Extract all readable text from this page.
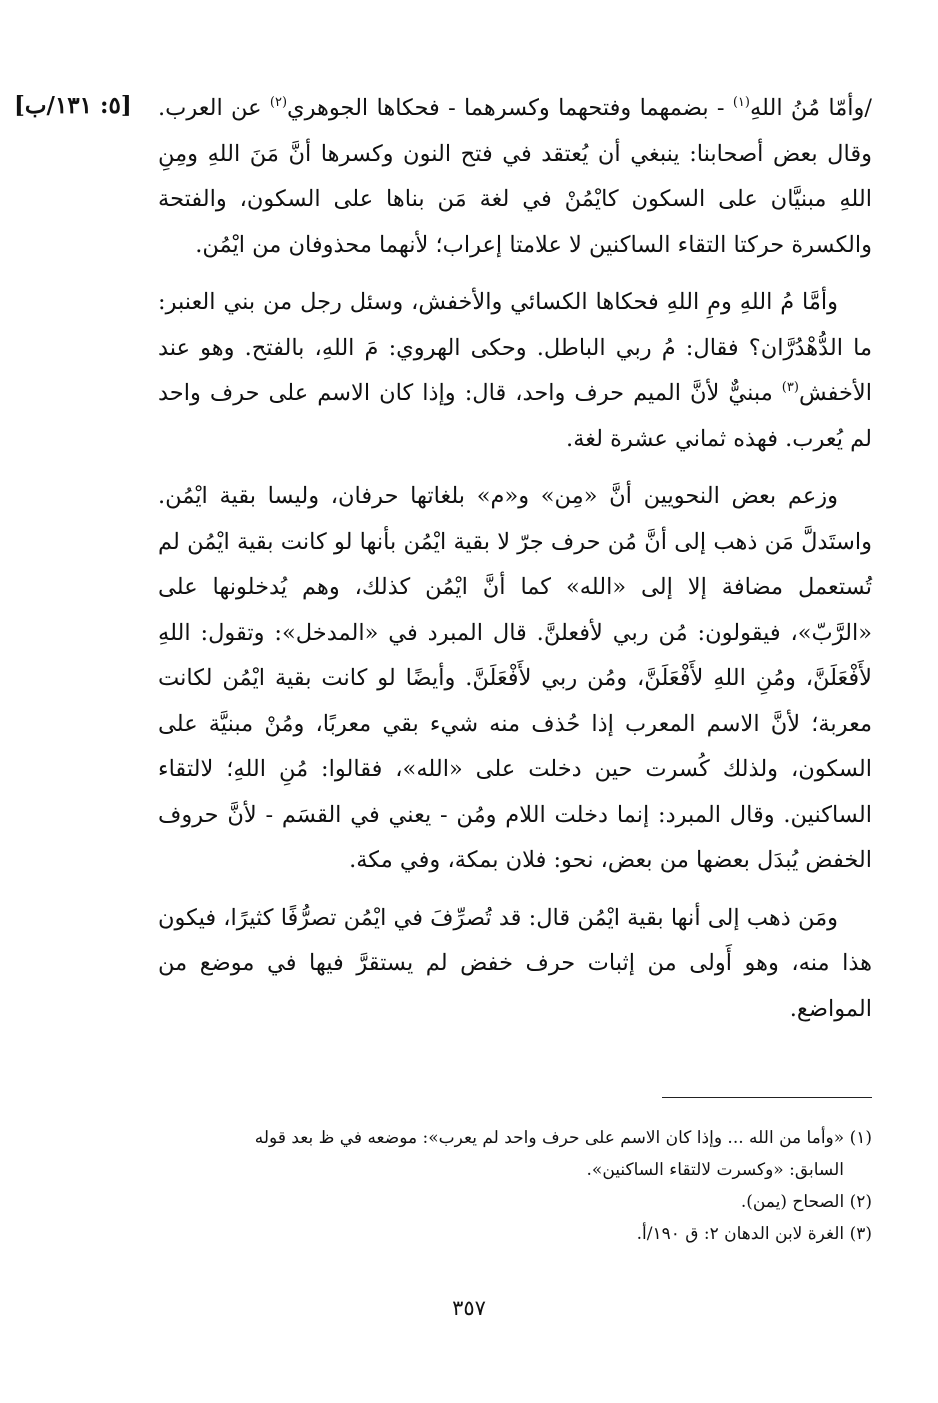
[٥: ١٣١/ب]	/وأمّا مُنُ اللهِ$^{(١)}$ - بضمهما وفتحهما وكسرهما - فحكاها الجوهري$^{(٢)}$ عن العرب. وقال بعض أصحابنا: ينبغي أن يُعتقد في فتح النون وكسرها أنَّ مَنَ اللهِ ومِنِ اللهِ مبنيَّان على السكون كايْمُنْ في لغة مَن بناها على السكون، والفتحة والكسرة حركتا التقاء الساكنين لا علامتا إعراب؛ لأنهما محذوفان من ايْمُن.

وأمَّا مُ اللهِ ومِ اللهِ فحكاها الكسائي والأخفش، وسئل رجل من بني العنبر: ما الدُّهْدُرَّان؟ فقال: مُ ربي الباطل. وحكى الهروي: مَ اللهِ، بالفتح. وهو عند الأخفش$^{(٣)}$ مبنيٌّ لأنَّ الميم حرف واحد، قال: وإذا كان الاسم على حرف واحد لم يُعرب. فهذه ثماني عشرة لغة.

وزعم بعض النحويين أنَّ «مِن» و«م» بلغاتها حرفان، وليسا بقية ايْمُن. واستَدلَّ مَن ذهب إلى أنَّ مُن حرف جرّ لا بقية ايْمُن بأنها لو كانت بقية ايْمُن لم تُستعمل مضافة إلا إلى «الله» كما أنَّ ايْمُن كذلك، وهم يُدخلونها على «الرَّبّ»، فيقولون: مُن ربي لأفعلنَّ. قال المبرد في «المدخل»: وتقول: اللهِ لأَفْعَلَنَّ، ومُنِ اللهِ لأَفْعَلَنَّ، ومُن ربي لأَفْعَلَنَّ. وأيضًا لو كانت بقية ايْمُن لكانت معربة؛ لأنَّ الاسم المعرب إذا حُذف منه شيء بقي معربًا، ومُنْ مبنيَّة على السكون، ولذلك كُسرت حين دخلت على «الله»، فقالوا: مُنِ اللهِ؛ لالتقاء الساكنين. وقال المبرد: إنما دخلت اللام ومُن - يعني في القسَم - لأنَّ حروف الخفض يُبدَل بعضها من بعض، نحو: فلان بمكة، وفي مكة.

ومَن ذهب إلى أنها بقية ايْمُن قال: قد تُصرِّفَ في ايْمُن تصرُّفًا كثيرًا، فيكون هذا منه، وهو أَولى من إثبات حرف خفض لم يستقرَّ فيها في موضع من المواضع.

(١) «وأما من الله ... وإذا كان الاسم على حرف واحد لم يعرب»: موضعه في ظ بعد قوله

السابق: «وكسرت لالتقاء الساكنين».

(٢) الصحاح (يمن).

(٣) الغرة لابن الدهان ٢: ق ١٩٠/أ.

٣٥٧
